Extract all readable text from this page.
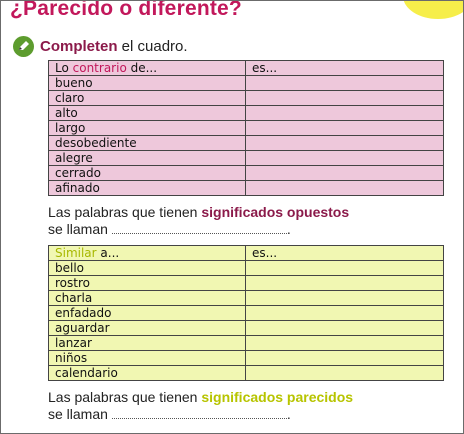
¿Parecido o diferente?
Completen el cuadro.
Lo contrario de...	es...
bueno	
claro	
alto	
largo	
desobediente	
alegre	
cerrado	
afinado	
Las palabras que tienen significados opuestos
se llaman	.
Similar a...	es...
bello	
rostro	
charla	
enfadado	
aguardar	
lanzar	
niños	
calendario	
Las palabras que tienen significados parecidos
se llaman	.
